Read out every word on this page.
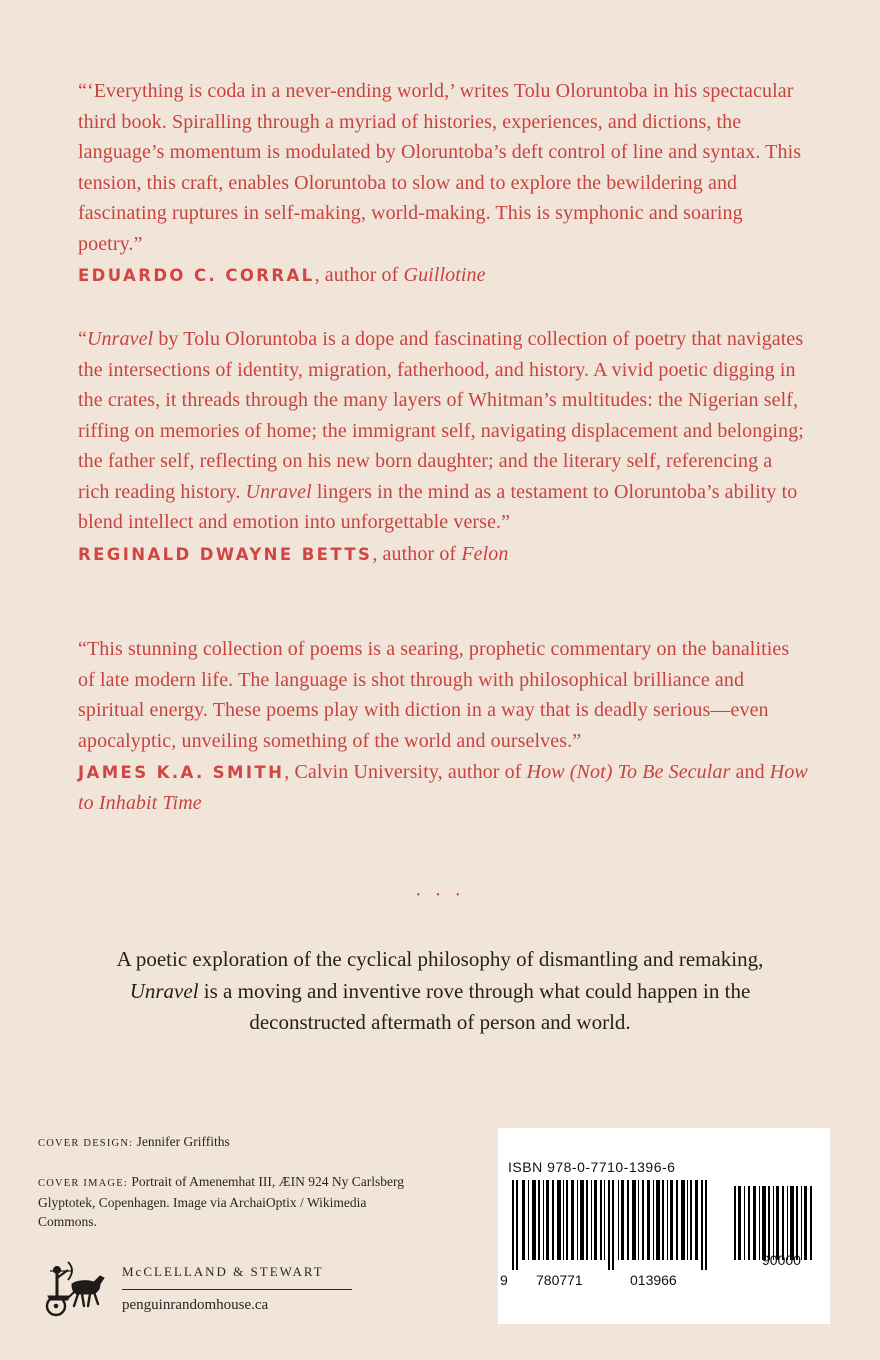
“‘Everything is coda in a never-ending world,’ writes Tolu Oloruntoba in his spectacular third book. Spiralling through a myriad of histories, experiences, and dictions, the language’s momentum is modulated by Oloruntoba’s deft control of line and syntax. This tension, this craft, enables Oloruntoba to slow and to explore the bewildering and fascinating ruptures in self-making, world-making. This is symphonic and soaring poetry.”

EDUARDO C. CORRAL, author of Guillotine

“Unravel by Tolu Oloruntoba is a dope and fascinating collection of poetry that navigates the intersections of identity, migration, fatherhood, and history. A vivid poetic digging in the crates, it threads through the many layers of Whitman’s multitudes: the Nigerian self, riffing on memories of home; the immigrant self, navigating displacement and belonging; the father self, reflecting on his new born daughter; and the literary self, referencing a rich reading history. Unravel lingers in the mind as a testament to Oloruntoba’s ability to blend intellect and emotion into unforgettable verse.”

REGINALD DWAYNE BETTS, author of Felon

“This stunning collection of poems is a searing, prophetic commentary on the banalities of late modern life. The language is shot through with philosophical brilliance and spiritual energy. These poems play with diction in a way that is deadly serious—even apocalyptic, unveiling something of the world and ourselves.”

JAMES K.A. SMITH, Calvin University, author of How (Not) To Be Secular and How to Inhabit Time
· · ·
A poetic exploration of the cyclical philosophy of dismantling and remaking, Unravel is a moving and inventive rove through what could happen in the deconstructed aftermath of person and world.
COVER DESIGN: Jennifer Griffiths
COVER IMAGE: Portrait of Amenemhat III, ÆIN 924 Ny Carlsberg Glyptotek, Copenhagen. Image via ArchaiOptix / Wikimedia Commons.
McCLELLAND & STEWART
penguinrandomhouse.ca
ISBN 978-0-7710-1396-6
9 780771	013966
90000
